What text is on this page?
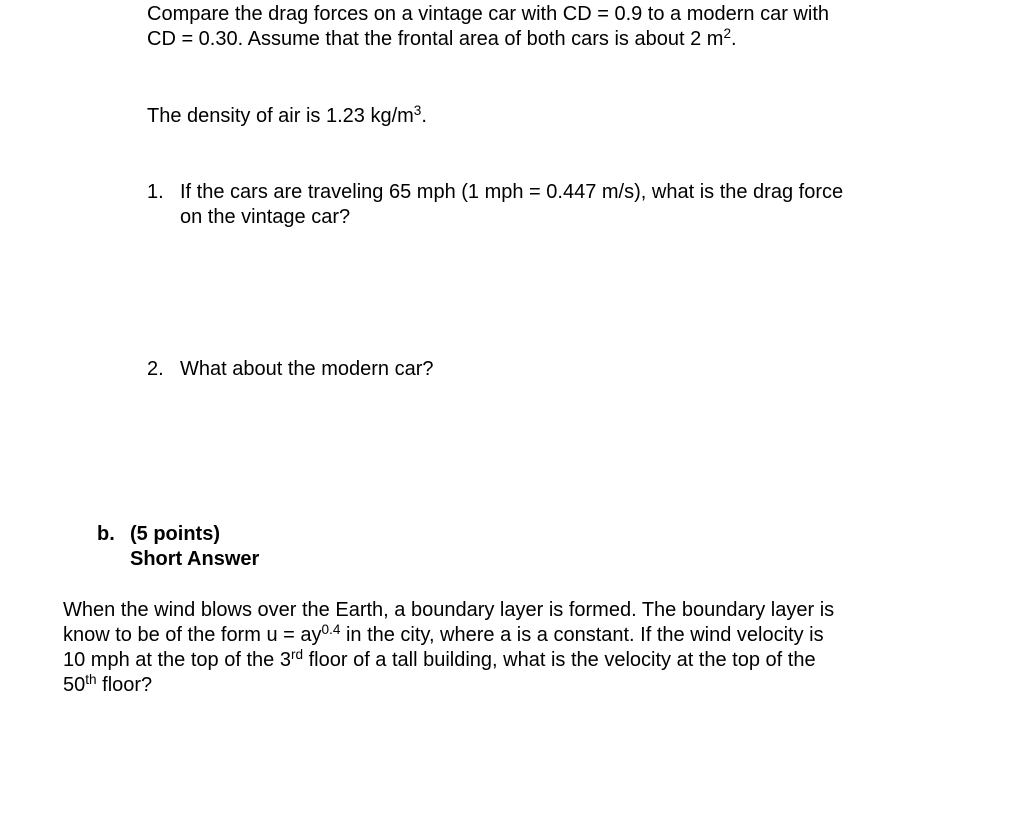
Compare the drag forces on a vintage car with CD = 0.9 to a modern car with
CD = 0.30. Assume that the frontal area of both cars is about 2 $m^2$.

The density of air is 1.23 $kg/m^3$.

1. If the cars are traveling 65 mph (1 mph = 0.447 m/s), what is the drag force
on the vintage car?
2. What about the modern car?
b. (5 points)
Short Answer

When the wind blows over the Earth, a boundary layer is formed. The boundary layer is
know to be of the form $u = ay^{0.4}$ in the city, where a is a constant. If the wind velocity is
10 mph at the top of the 3rd floor of a tall building, what is the velocity at the top of the
50th floor?
